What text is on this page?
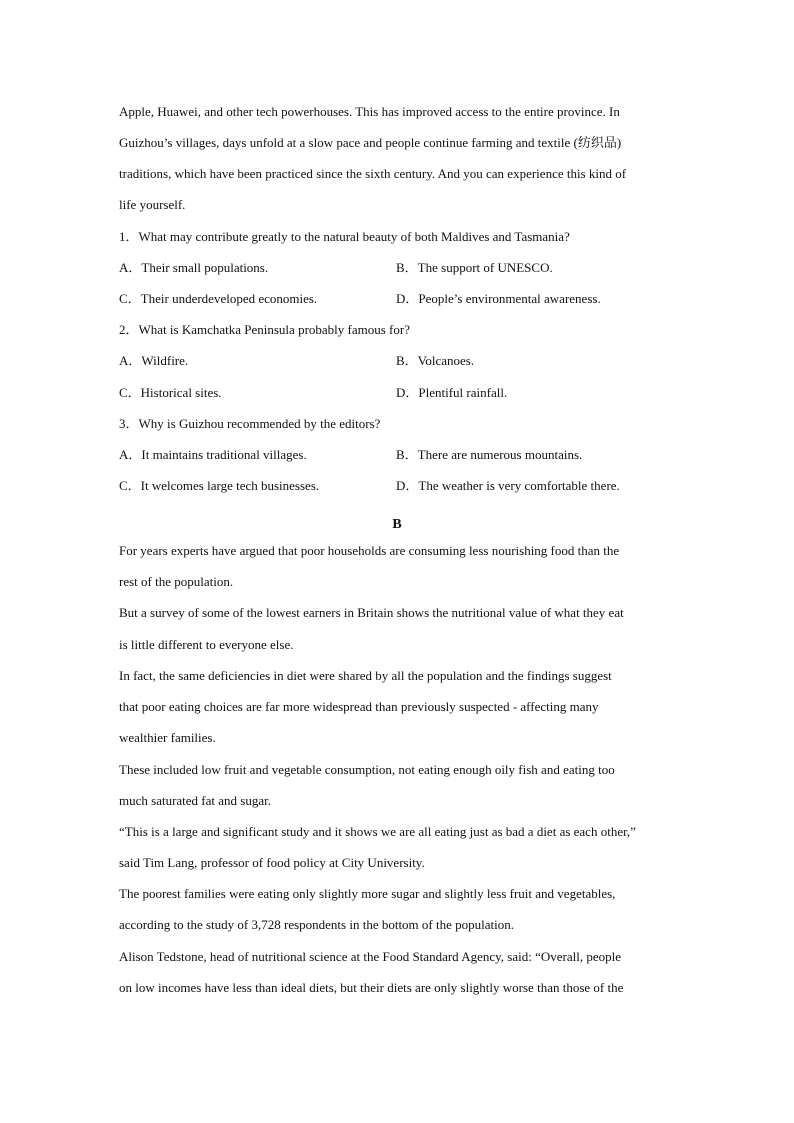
Apple, Huawei, and other tech powerhouses. This has improved access to the entire province. In
Guizhou’s villages, days unfold at a slow pace and people continue farming and textile (纺织品)
traditions, which have been practiced since the sixth century. And you can experience this kind of
life yourself.
1．What may contribute greatly to the natural beauty of both Maldives and Tasmania?
A．Their small populations.	B．The support of UNESCO.
C．Their underdeveloped economies.	D．People’s environmental awareness.
2．What is Kamchatka Peninsula probably famous for?
A．Wildfire.	B．Volcanoes.
C．Historical sites.	D．Plentiful rainfall.
3．Why is Guizhou recommended by the editors?
A．It maintains traditional villages.	B．There are numerous mountains.
C．It welcomes large tech businesses.	D．The weather is very comfortable there.
B
For years experts have argued that poor households are consuming less nourishing food than the
rest of the population.
But a survey of some of the lowest earners in Britain shows the nutritional value of what they eat
is little different to everyone else.
In fact, the same deficiencies in diet were shared by all the population and the findings suggest
that poor eating choices are far more widespread than previously suspected - affecting many
wealthier families.
These included low fruit and vegetable consumption, not eating enough oily fish and eating too
much saturated fat and sugar.
“This is a large and significant study and it shows we are all eating just as bad a diet as each other,”
said Tim Lang, professor of food policy at City University.
The poorest families were eating only slightly more sugar and slightly less fruit and vegetables,
according to the study of 3,728 respondents in the bottom of the population.
Alison Tedstone, head of nutritional science at the Food Standard Agency, said: “Overall, people
on low incomes have less than ideal diets, but their diets are only slightly worse than those of the
